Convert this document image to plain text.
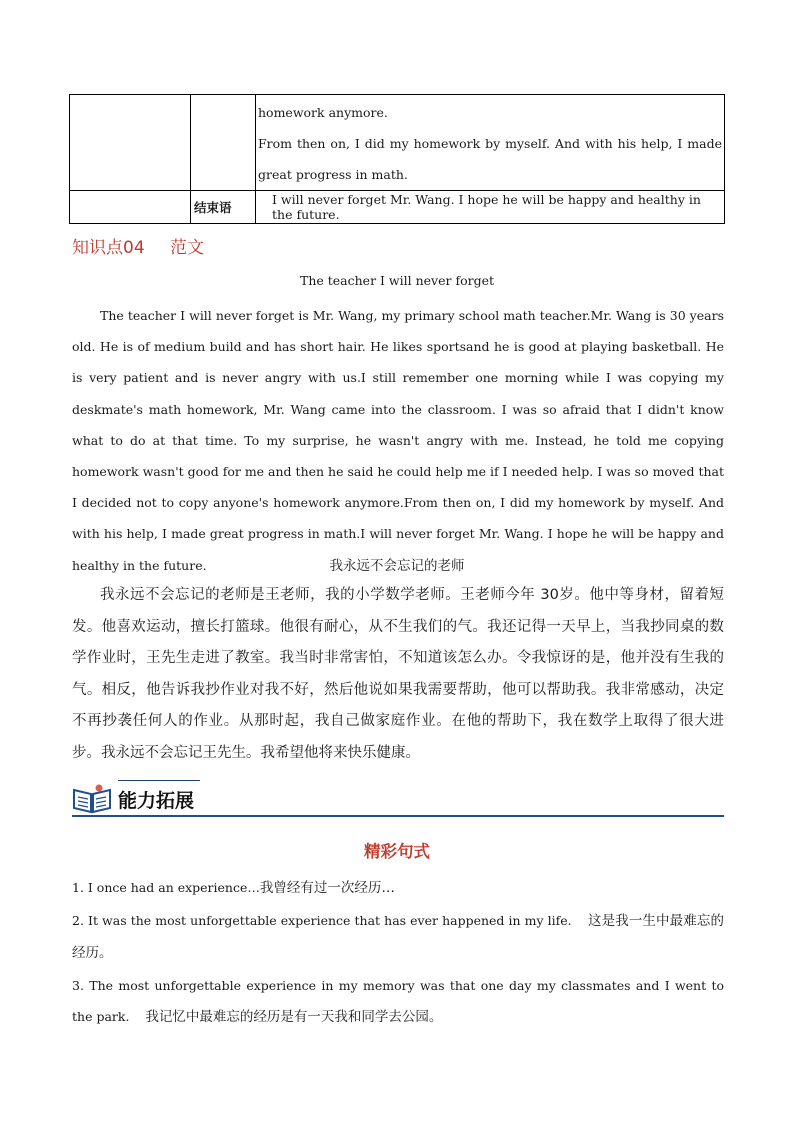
		homework anymore.
From then on, I did my homework by myself. And with his help, I made great progress in math.

	结束语	I will never forget Mr. Wang. I hope he will be happy and healthy in the future.
知识点04 范文
The teacher I will never forget
The teacher I will never forget is Mr. Wang, my primary school math teacher.Mr. Wang is 30 years old. He is of medium build and has short hair. He likes sportsand he is good at playing basketball. He is very patient and is never angry with us.I still remember one morning while I was copying my deskmate's math homework, Mr. Wang came into the classroom. I was so afraid that I didn't know what to do at that time. To my surprise, he wasn't angry with me. Instead, he told me copying homework wasn't good for me and then he said he could help me if I needed help. I was so moved that I decided not to copy anyone's homework anymore.From then on, I did my homework by myself. And with his help, I made great progress in math.I will never forget Mr. Wang. I hope he will be happy and healthy in the future.	我永远不会忘记的老师
我永远不会忘记的老师是王老师，我的小学数学老师。王老师今年 30岁。他中等身材，留着短发。他喜欢运动，擅长打篮球。他很有耐心，从不生我们的气。我还记得一天早上，当我抄同桌的数学作业时，王先生走进了教室。我当时非常害怕，不知道该怎么办。令我惊讶的是，他并没有生我的气。相反，他告诉我抄作业对我不好，然后他说如果我需要帮助，他可以帮助我。我非常感动，决定不再抄袭任何人的作业。从那时起，我自己做家庭作业。在他的帮助下，我在数学上取得了很大进步。我永远不会忘记王先生。我希望他将来快乐健康。
能力拓展
精彩句式

1. I once had an experience…我曾经有过一次经历…

2. It was the most unforgettable experience that has ever happened in my life. 这是我一生中最难忘的经历。

3. The most unforgettable experience in my memory was that one day my classmates and I went to the park. 我记忆中最难忘的经历是有一天我和同学去公园。
